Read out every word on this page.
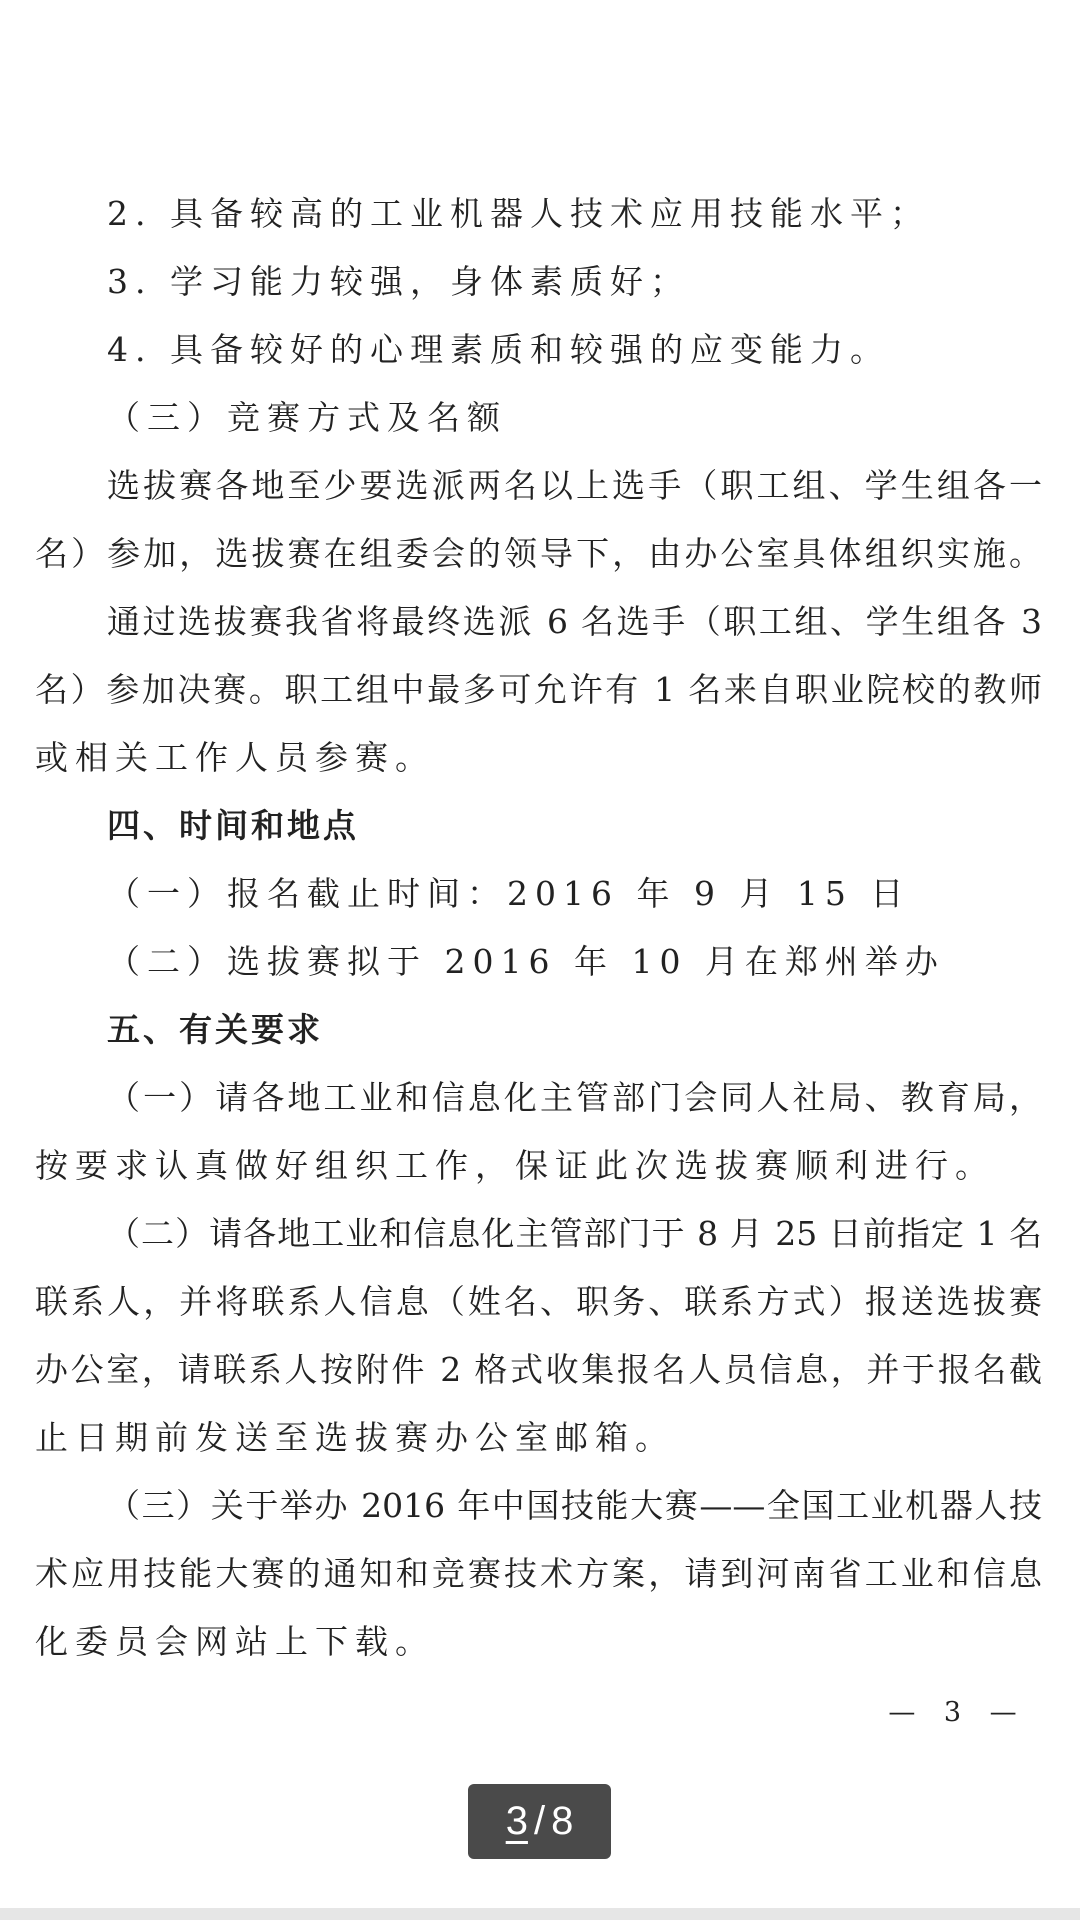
2. 具备较高的工业机器人技术应用技能水平；
3. 学习能力较强，身体素质好；
4. 具备较好的心理素质和较强的应变能力。
（三）竞赛方式及名额
选拔赛各地至少要选派两名以上选手（职工组、学生组各一
名）参加，选拔赛在组委会的领导下，由办公室具体组织实施。
通过选拔赛我省将最终选派 6 名选手（职工组、学生组各 3
名）参加决赛。职工组中最多可允许有 1 名来自职业院校的教师
或相关工作人员参赛。
四、时间和地点
（一）报名截止时间：2016 年 9 月 15 日
（二）选拔赛拟于 2016 年 10 月在郑州举办
五、有关要求
（一）请各地工业和信息化主管部门会同人社局、教育局，
按要求认真做好组织工作，保证此次选拔赛顺利进行。
（二）请各地工业和信息化主管部门于 8 月 25 日前指定 1 名
联系人，并将联系人信息（姓名、职务、联系方式）报送选拔赛
办公室，请联系人按附件 2 格式收集报名人员信息，并于报名截
止日期前发送至选拔赛办公室邮箱。
（三）关于举办 2016 年中国技能大赛——全国工业机器人技
术应用技能大赛的通知和竞赛技术方案，请到河南省工业和信息
化委员会网站上下载。
— 3 —
3 / 8
